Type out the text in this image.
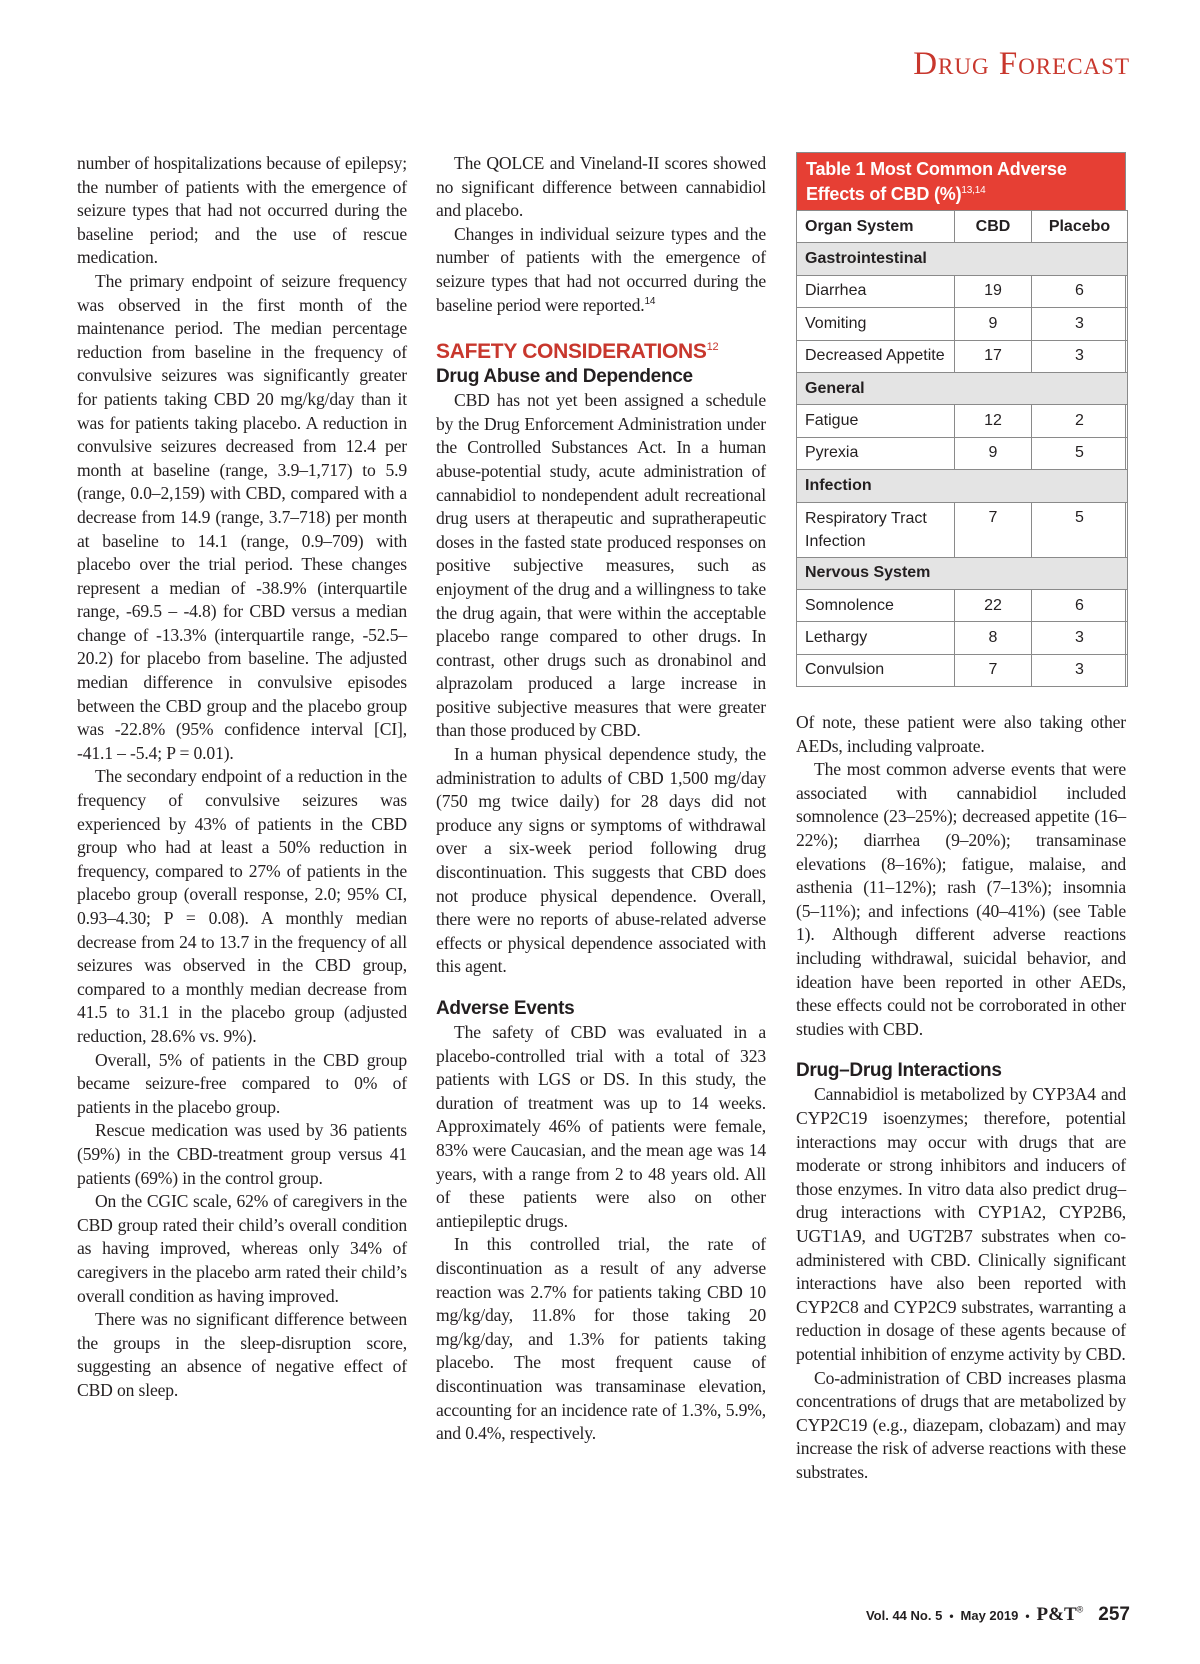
Drug Forecast

number of hospitalizations because of epilepsy; the number of patients with the emergence of seizure types that had not occurred during the baseline period; and the use of rescue medication.

The primary endpoint of seizure frequency was observed in the first month of the maintenance period. The median percentage reduction from baseline in the frequency of convulsive seizures was significantly greater for patients taking CBD 20 mg/kg/day than it was for patients taking placebo. A reduction in convulsive seizures decreased from 12.4 per month at baseline (range, 3.9–1,717) to 5.9 (range, 0.0–2,159) with CBD, compared with a decrease from 14.9 (range, 3.7–718) per month at baseline to 14.1 (range, 0.9–709) with placebo over the trial period. These changes represent a median of -38.9% (interquartile range, -69.5 – -4.8) for CBD versus a median change of -13.3% (interquartile range, -52.5–20.2) for placebo from baseline. The adjusted median difference in convulsive episodes between the CBD group and the placebo group was -22.8% (95% confidence interval [CI], -41.1 – -5.4; P = 0.01).

The secondary endpoint of a reduction in the frequency of convulsive seizures was experienced by 43% of patients in the CBD group who had at least a 50% reduction in frequency, compared to 27% of patients in the placebo group (overall response, 2.0; 95% CI, 0.93–4.30; P = 0.08). A monthly median decrease from 24 to 13.7 in the frequency of all seizures was observed in the CBD group, compared to a monthly median decrease from 41.5 to 31.1 in the placebo group (adjusted reduction, 28.6% vs. 9%).

Overall, 5% of patients in the CBD group became seizure-free compared to 0% of patients in the placebo group.

Rescue medication was used by 36 patients (59%) in the CBD-treatment group versus 41 patients (69%) in the control group.

On the CGIC scale, 62% of caregivers in the CBD group rated their child’s overall condition as having improved, whereas only 34% of caregivers in the placebo arm rated their child’s overall condition as having improved.

There was no significant difference between the groups in the sleep-disruption score, suggesting an absence of negative effect of CBD on sleep.

The QOLCE and Vineland-II scores showed no significant difference between cannabidiol and placebo.

Changes in individual seizure types and the number of patients with the emergence of seizure types that had not occurred during the baseline period were reported.$^{14}$

SAFETY CONSIDERATIONS$^{12}$
Drug Abuse and Dependence

CBD has not yet been assigned a schedule by the Drug Enforcement Administration under the Controlled Substances Act. In a human abuse-potential study, acute administration of cannabidiol to nondependent adult recreational drug users at therapeutic and supratherapeutic doses in the fasted state produced responses on positive subjective measures, such as enjoyment of the drug and a willingness to take the drug again, that were within the acceptable placebo range compared to other drugs. In contrast, other drugs such as dronabinol and alprazolam produced a large increase in positive subjective measures that were greater than those produced by CBD.

In a human physical dependence study, the administration to adults of CBD 1,500 mg/day (750 mg twice daily) for 28 days did not produce any signs or symptoms of withdrawal over a six-week period following drug discontinuation. This suggests that CBD does not produce physical dependence. Overall, there were no reports of abuse-related adverse effects or physical dependence associated with this agent.

Adverse Events

The safety of CBD was evaluated in a placebo-controlled trial with a total of 323 patients with LGS or DS. In this study, the duration of treatment was up to 14 weeks. Approximately 46% of patients were female, 83% were Caucasian, and the mean age was 14 years, with a range from 2 to 48 years old. All of these patients were also on other antiepileptic drugs.

In this controlled trial, the rate of discontinuation as a result of any adverse reaction was 2.7% for patients taking CBD 10 mg/kg/day, 11.8% for those taking 20 mg/kg/day, and 1.3% for patients taking placebo. The most frequent cause of discontinuation was transaminase elevation, accounting for an incidence rate of 1.3%, 5.9%, and 0.4%, respectively.

Table 1 Most Common Adverse Effects of CBD (%)$^{13,14}$
Organ System	CBD	Placebo
Gastrointestinal		
Diarrhea	19	6
Vomiting	9	3
Decreased Appetite	17	3
General		
Fatigue	12	2
Pyrexia	9	5
Infection		
Respiratory Tract Infection	7	5
Nervous System		
Somnolence	22	6
Lethargy	8	3
Convulsion	7	3

Of note, these patient were also taking other AEDs, including valproate.

The most common adverse events that were associated with cannabidiol included somnolence (23–25%); decreased appetite (16–22%); diarrhea (9–20%); transaminase elevations (8–16%); fatigue, malaise, and asthenia (11–12%); rash (7–13%); insomnia (5–11%); and infections (40–41%) (see Table 1). Although different adverse reactions including withdrawal, suicidal behavior, and ideation have been reported in other AEDs, these effects could not be corroborated in other studies with CBD.

Drug–Drug Interactions

Cannabidiol is metabolized by CYP3A4 and CYP2C19 isoenzymes; therefore, potential interactions may occur with drugs that are moderate or strong inhibitors and inducers of those enzymes. In vitro data also predict drug–drug interactions with CYP1A2, CYP2B6, UGT1A9, and UGT2B7 substrates when co-administered with CBD. Clinically significant interactions have also been reported with CYP2C8 and CYP2C9 substrates, warranting a reduction in dosage of these agents because of potential inhibition of enzyme activity by CBD.

Co-administration of CBD increases plasma concentrations of drugs that are metabolized by CYP2C19 (e.g., diazepam, clobazam) and may increase the risk of adverse reactions with these substrates.

Vol. 44 No. 5 • May 2019 • P&T® 257
